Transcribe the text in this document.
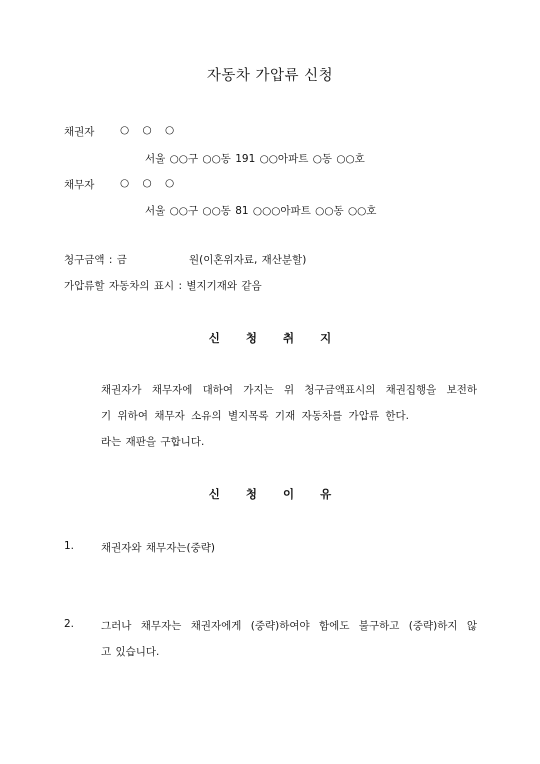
자동차 가압류 신청
채권자 ○ ○ ○
서울 ○○구 ○○동 191 ○○아파트 ○동 ○○호
채무자 ○ ○ ○
서울 ○○구 ○○동 81 ○○○아파트 ○○동 ○○호
청구금액 : 금	원(이혼위자료, 재산분할)
가압류할 자동차의 표시 : 별지기재와 같음
신 청 취 지
채권자가 채무자에 대하여 가지는 위 청구금액표시의 채권집행을 보전하
기 위하여 채무자 소유의 별지목록 기재 자동차를 가압류 한다.
라는 재판을 구합니다.
신 청 이 유
1.	채권자와 채무자는(중략)
2.	그러나 채무자는 채권자에게 (중략)하여야 함에도 불구하고 (중략)하지 않
고 있습니다.
